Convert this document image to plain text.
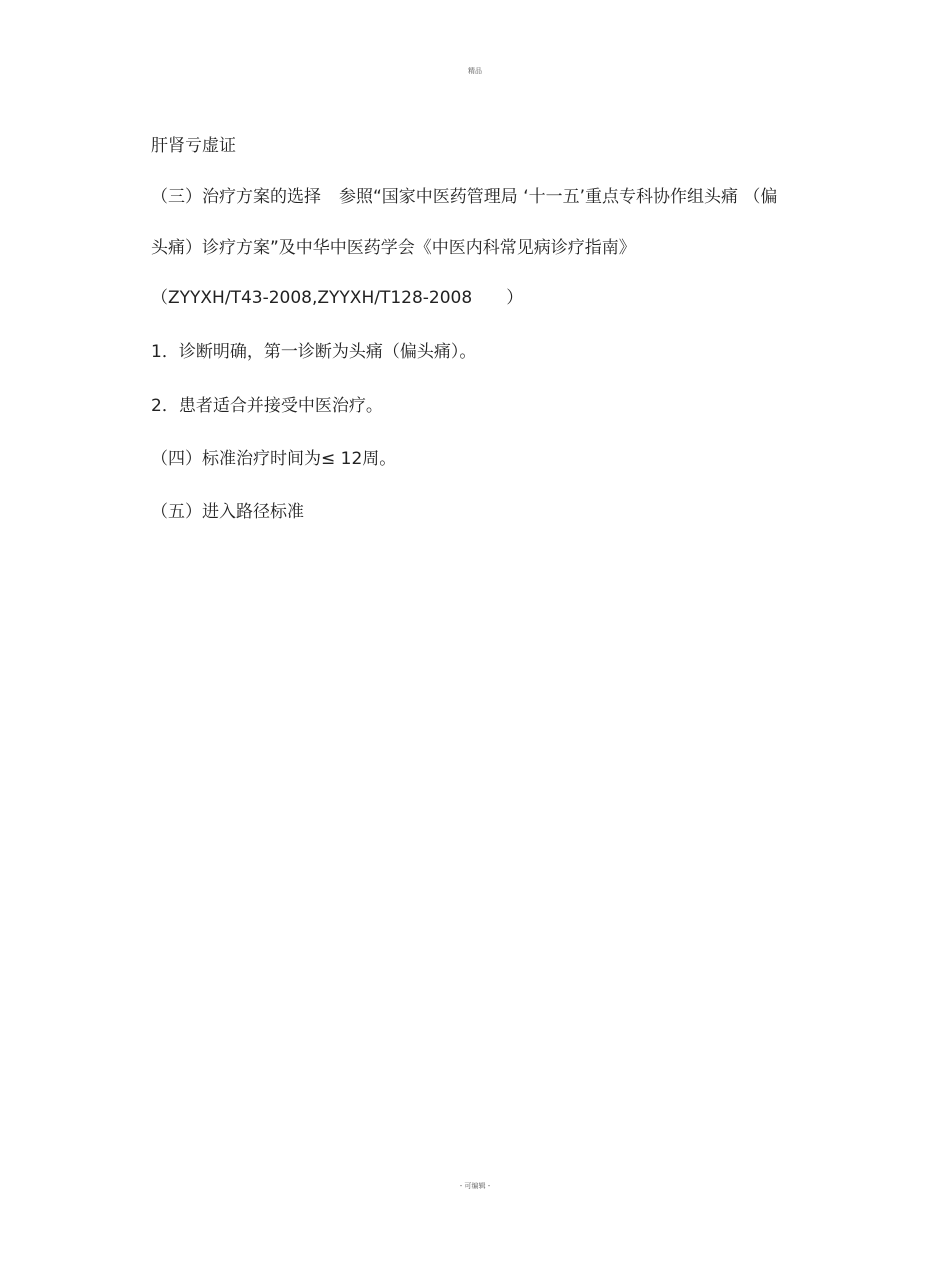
精品
肝肾亏虚证
（三）治疗方案的选择 参照“国家中医药管理局 ‘十一五’重点专科协作组头痛 （偏
头痛）诊疗方案”及中华中医药学会《中医内科常见病诊疗指南》
（ZYYXH/T43-2008,ZYYXH/T128-2008　　）
1．诊断明确，第一诊断为头痛（偏头痛）。
2．患者适合并接受中医治疗。
（四）标准治疗时间为≤ 12周。
（五）进入路径标准
- 可编辑 -
